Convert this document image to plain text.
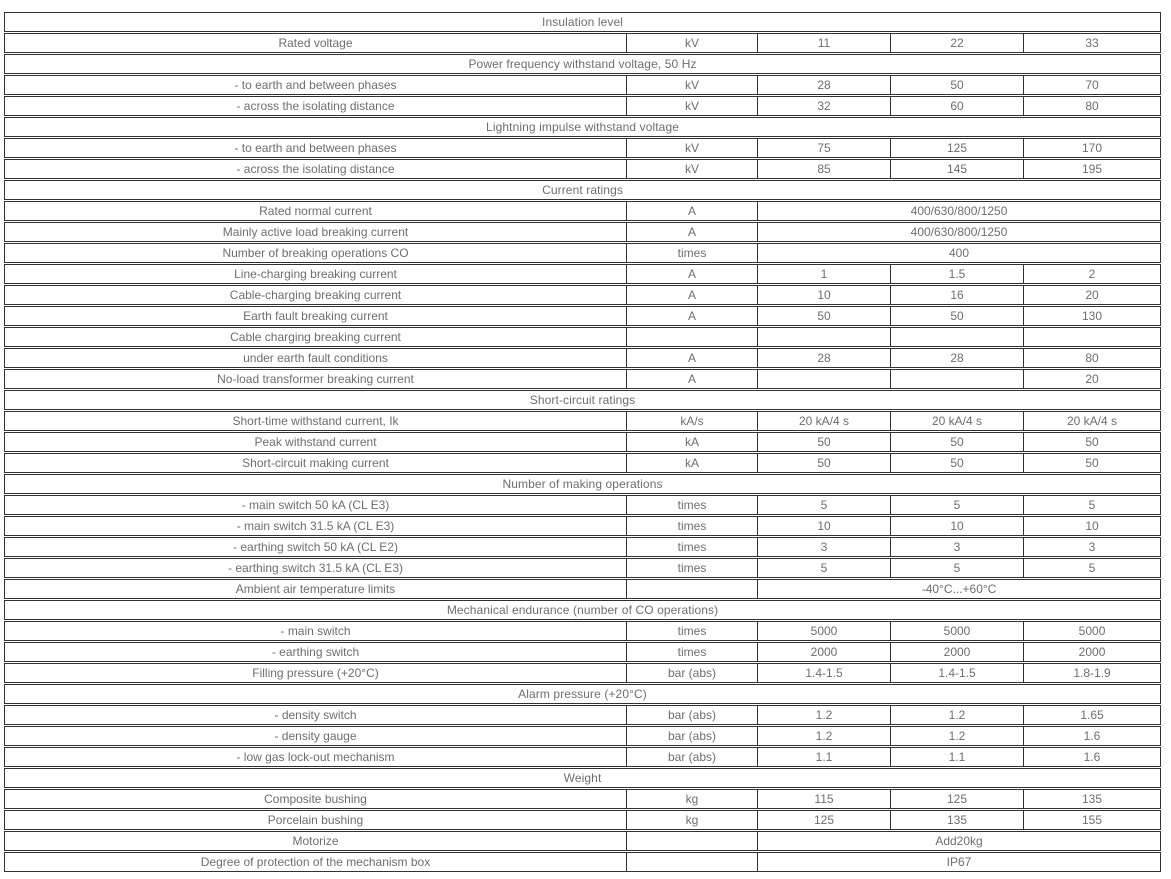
Insulation level				
Rated voltage	kV	11	22	33
Power frequency withstand voltage, 50 Hz				
- to earth and between phases	kV	28	50	70
- across the isolating distance	kV	32	60	80
Lightning impulse withstand voltage				
- to earth and between phases	kV	75	125	170
- across the isolating distance	kV	85	145	195
Current ratings				
Rated normal current	A	400/630/800/1250		
Mainly active load breaking current	A	400/630/800/1250		
Number of breaking operations CO	times	400		
Line-charging breaking current	A	1	1.5	2
Cable-charging breaking current	A	10	16	20
Earth fault breaking current	A	50	50	130
Cable charging breaking current				
under earth fault conditions	A	28	28	80
No-load transformer breaking current	A			20
Short-circuit ratings				
Short-time withstand current, Ik	kA/s	20 kA/4 s	20 kA/4 s	20 kA/4 s
Peak withstand current	kA	50	50	50
Short-circuit making current	kA	50	50	50
Number of making operations				
- main switch 50 kA (CL E3)	times	5	5	5
- main switch 31.5 kA (CL E3)	times	10	10	10
- earthing switch 50 kA (CL E2)	times	3	3	3
- earthing switch 31.5 kA (CL E3)	times	5	5	5
Ambient air temperature limits		-40°C...+60°C		
Mechanical endurance (number of CO operations)				
- main switch	times	5000	5000	5000
- earthing switch	times	2000	2000	2000
Filling pressure (+20°C)	bar (abs)	1.4-1.5	1.4-1.5	1.8-1.9
Alarm pressure (+20°C)				
- density switch	bar (abs)	1.2	1.2	1.65
- density gauge	bar (abs)	1.2	1.2	1.6
- low gas lock-out mechanism	bar (abs)	1.1	1.1	1.6
Weight				
Composite bushing	kg	115	125	135
Porcelain bushing	kg	125	135	155
Motorize		Add20kg		
Degree of protection of the mechanism box		IP67		
